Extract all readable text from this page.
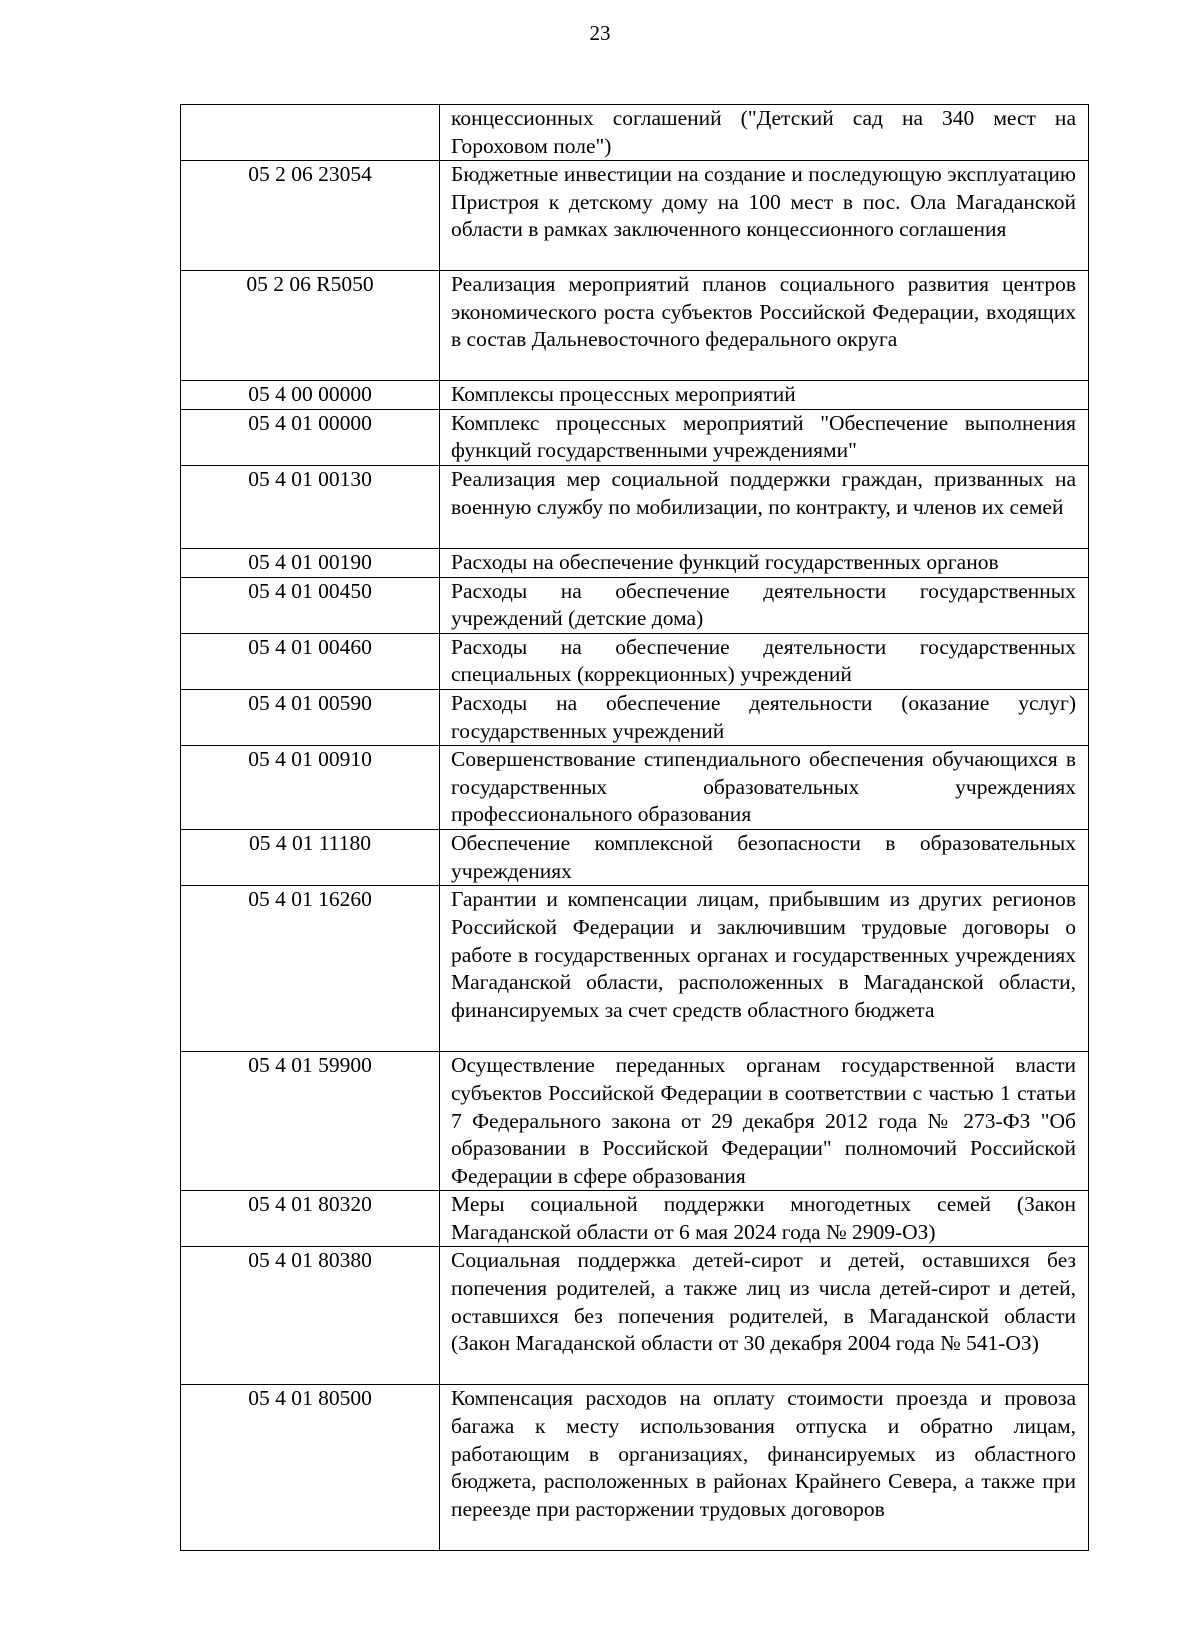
23
	концессионных соглашений ("Детский сад на 340 мест на Гороховом поле")
05 2 06 23054	Бюджетные инвестиции на создание и последующую эксплуатацию Пристроя к детскому дому на 100 мест в пос. Ола Магаданской области в рамках заключенного концессионного соглашения
05 2 06 R5050	Реализация мероприятий планов социального развития центров экономического роста субъектов Российской Федерации, входящих в состав Дальневосточного федерального округа
05 4 00 00000	Комплексы процессных мероприятий
05 4 01 00000	Комплекс процессных мероприятий "Обеспечение выполнения функций государственными учреждениями"
05 4 01 00130	Реализация мер социальной поддержки граждан, призванных на военную службу по мобилизации, по контракту, и членов их семей
05 4 01 00190	Расходы на обеспечение функций государственных органов
05 4 01 00450	Расходы на обеспечение деятельности государственных учреждений (детские дома)
05 4 01 00460	Расходы на обеспечение деятельности государственных специальных (коррекционных) учреждений
05 4 01 00590	Расходы на обеспечение деятельности (оказание услуг) государственных учреждений
05 4 01 00910	Совершенствование стипендиального обеспечения обучающихся в государственных образовательных учреждениях профессионального образования
05 4 01 11180	Обеспечение комплексной безопасности в образовательных учреждениях
05 4 01 16260	Гарантии и компенсации лицам, прибывшим из других регионов Российской Федерации и заключившим трудовые договоры о работе в государственных органах и государственных учреждениях Магаданской области, расположенных в Магаданской области, финансируемых за счет средств областного бюджета
05 4 01 59900	Осуществление переданных органам государственной власти субъектов Российской Федерации в соответствии с частью 1 статьи 7 Федерального закона от 29 декабря 2012 года № 273-ФЗ "Об образовании в Российской Федерации" полномочий Российской Федерации в сфере образования
05 4 01 80320	Меры социальной поддержки многодетных семей (Закон Магаданской области от 6 мая 2024 года № 2909-ОЗ)
05 4 01 80380	Социальная поддержка детей-сирот и детей, оставшихся без попечения родителей, а также лиц из числа детей-сирот и детей, оставшихся без попечения родителей, в Магаданской области (Закон Магаданской области от 30 декабря 2004 года № 541-ОЗ)
05 4 01 80500	Компенсация расходов на оплату стоимости проезда и провоза багажа к месту использования отпуска и обратно лицам, работающим в организациях, финансируемых из областного бюджета, расположенных в районах Крайнего Севера, а также при переезде при расторжении трудовых договоров
